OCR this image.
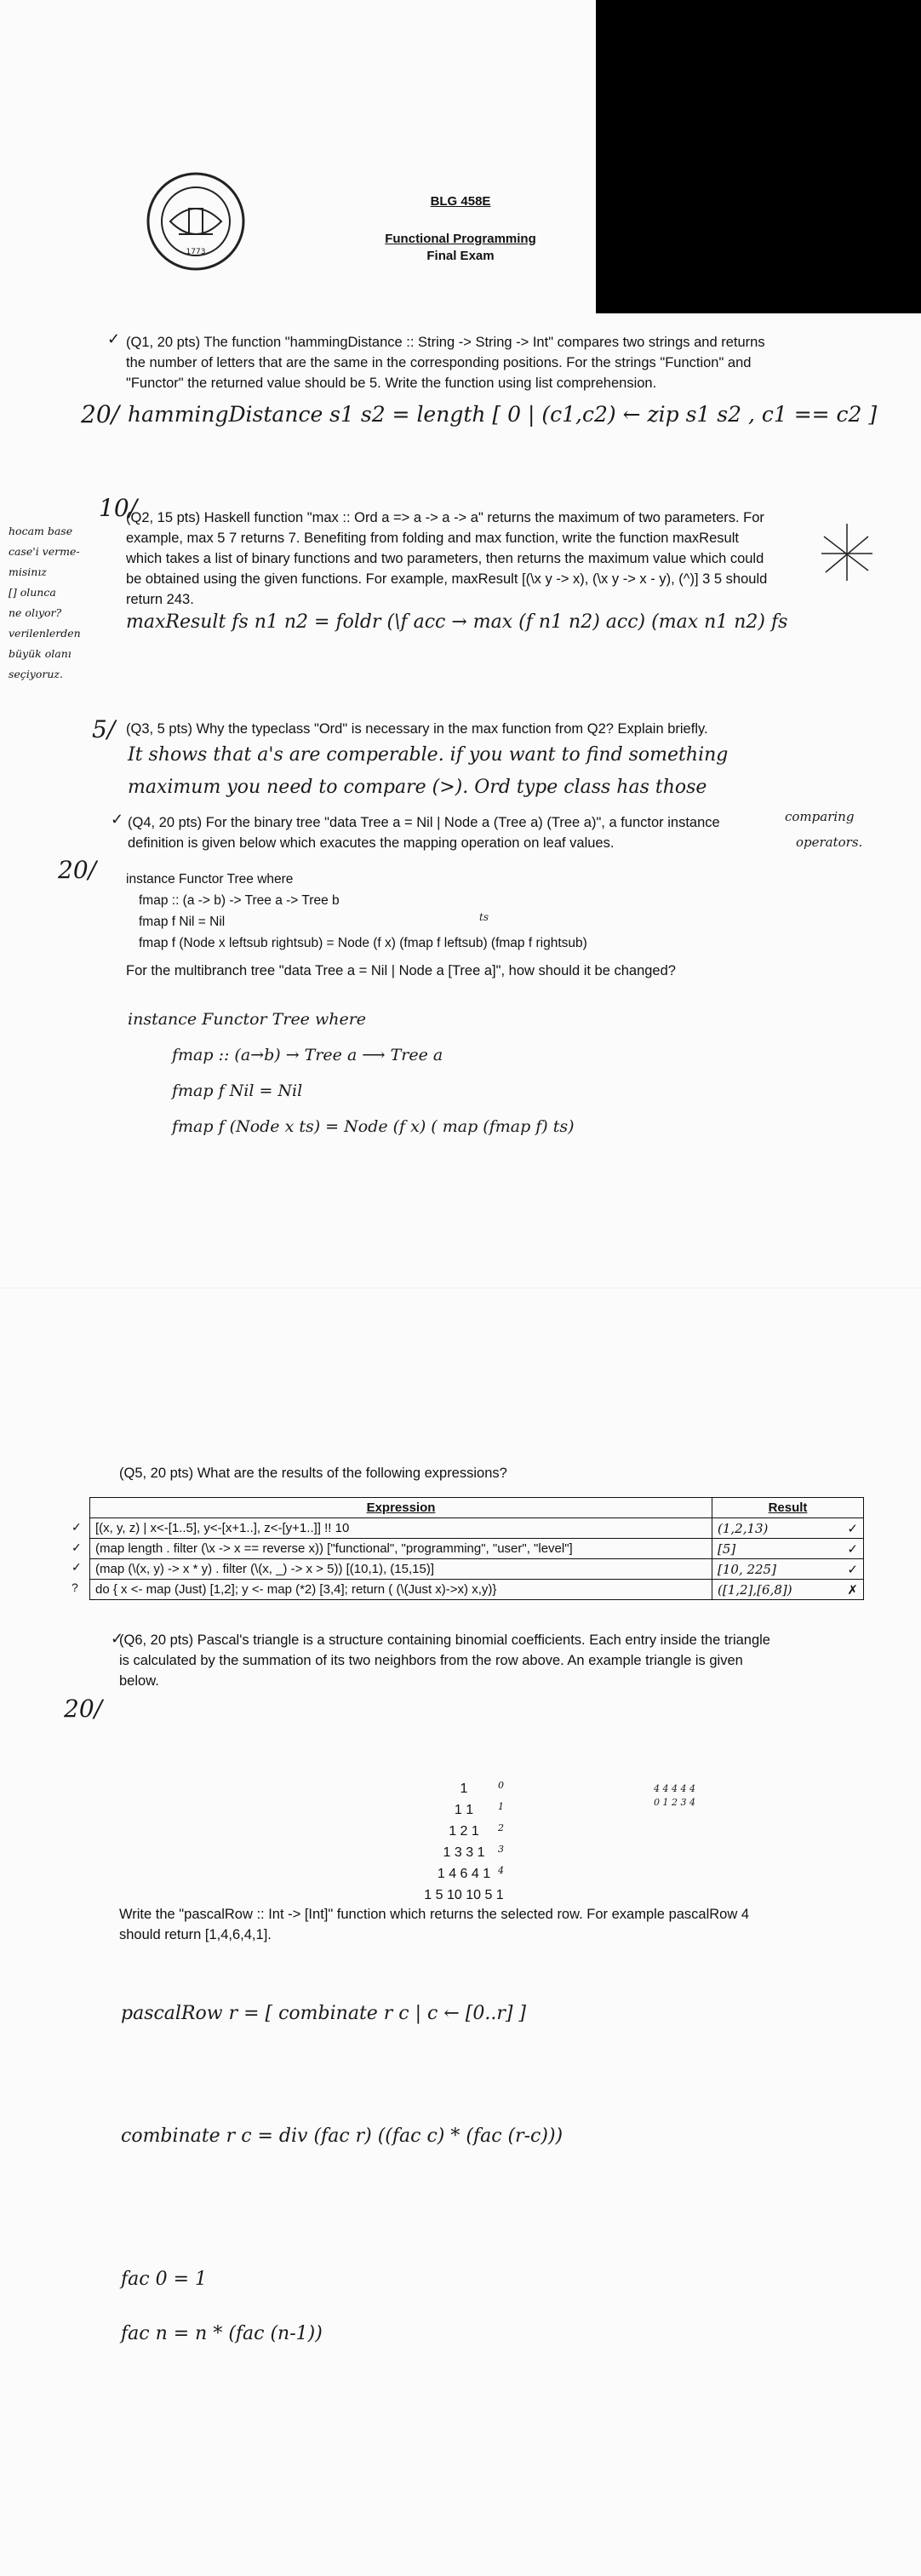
1773
BLG 458E
Functional Programming
Final Exam
✓ (Q1, 20 pts) The function "hammingDistance :: String -> String -> Int" compares two strings and returns
the number of letters that are the same in the corresponding positions. For the strings "Function" and
"Functor" the returned value should be 5. Write the function using list comprehension.
20/ hammingDistance s1 s2 = length [ 0 | (c1,c2) ← zip s1 s2 , c1 == c2 ]
10/
(Q2, 15 pts) Haskell function "max :: Ord a => a -> a -> a" returns the maximum of two parameters. For
example, max 5 7 returns 7. Benefiting from folding and max function, write the function maxResult
which takes a list of binary functions and two parameters, then returns the maximum value which could
be obtained using the given functions. For example, maxResult [(\x y -> x), (\x y -> x - y), (^)] 3 5 should
return 243.
hocam base
case'i verme-
misinız
[] olunca
ne olıyor?
verilenlerden
büyük olanı
seçiyoruz.
maxResult fs n1 n2 = foldr (\f acc → max (f n1 n2) acc) (max n1 n2) fs
5/ (Q3, 5 pts) Why the typeclass "Ord" is necessary in the max function from Q2? Explain briefly.
It shows that a's are comperable. if you want to find something
maximum you need to compare (>). Ord type class has those
comparing
operators.
✓ (Q4, 20 pts) For the binary tree "data Tree a = Nil | Node a (Tree a) (Tree a)", a functor instance
definition is given below which exacutes the mapping operation on leaf values.
20/ instance Functor Tree where
fmap :: (a -> b) -> Tree a -> Tree b
fmap f Nil = Nil
fmap f (Node x leftsub rightsub) = Node (f x) (fmap f leftsub) (fmap f rightsub)
ts
For the multibranch tree "data Tree a = Nil | Node a [Tree a]", how should it be changed?
instance Functor Tree where
fmap :: (a→b) → Tree a ⟶ Tree a
fmap f Nil = Nil
fmap f (Node x ts) = Node (f x) ( map (fmap f) ts)
(Q5, 20 pts) What are the results of the following expressions?
✓
✓
✓
?
Expression	Result
[(x, y, z) | x<-[1..5], y<-[x+1..], z<-[y+1..]] !! 10	(1,2,13) ✓

(map length . filter (\x -> x == reverse x)) ["functional", "programming", "user", "level"]	[5] ✓

(map (\(x, y) -> x * y) . filter (\(x, _) -> x > 5)) [(10,1), (15,15)]	[10, 225] ✓

do { x <- map (Just) [1,2]; y <- map (*2) [3,4]; return ( (\(Just x)->x) x,y)}	([1,2],[6,8]) ✗
✓
(Q6, 20 pts) Pascal's triangle is a structure containing binomial coefficients. Each entry inside the triangle
is calculated by the summation of its two neighbors from the row above. An example triangle is given
below.
20/
1
1 1
1 2 1
1 3 3 1
1 4 6 4 1
1 5 10 10 5 1
0
1
2
3
4
4 4 4 4 4
0 1 2 3 4
Write the "pascalRow :: Int -> [Int]" function which returns the selected row. For example pascalRow 4
should return [1,4,6,4,1].
pascalRow r = [ combinate r c | c ← [0..r] ]
combinate r c = div (fac r) ((fac c) * (fac (r-c)))
fac 0 = 1
fac n = n * (fac (n-1))
